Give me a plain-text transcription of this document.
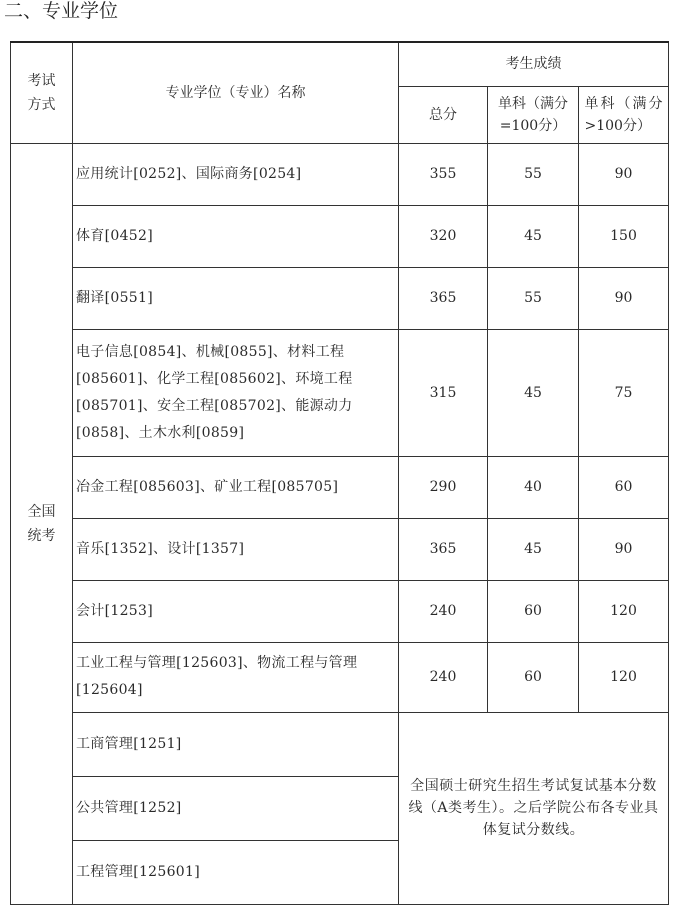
二、专业学位
考试方式	专业学位（专业）名称	考生成绩		
		总分	单科（满分=100分）	单科（满分>100分）

全国统考	应用统计[0252]、国际商务[0254]	355	55	90
	体育[0452]	320	45	150
	翻译[0551]	365	55	90
	电子信息[0854]、机械[0855]、材料工程[085601]、化学工程[085602]、环境工程[085701]、安全工程[085702]、能源动力[0858]、土木水利[0859]	315	45	75
	冶金工程[085603]、矿业工程[085705]	290	40	60
	音乐[1352]、设计[1357]	365	45	90
	会计[1253]	240	60	120
	工业工程与管理[125603]、物流工程与管理[125604]	240	60	120
	工商管理[1251]	全国硕士研究生招生考试复试基本分数线（A类考生）。之后学院公布各专业具体复试分数线。		
	公共管理[1252]			
	工程管理[125601]			
